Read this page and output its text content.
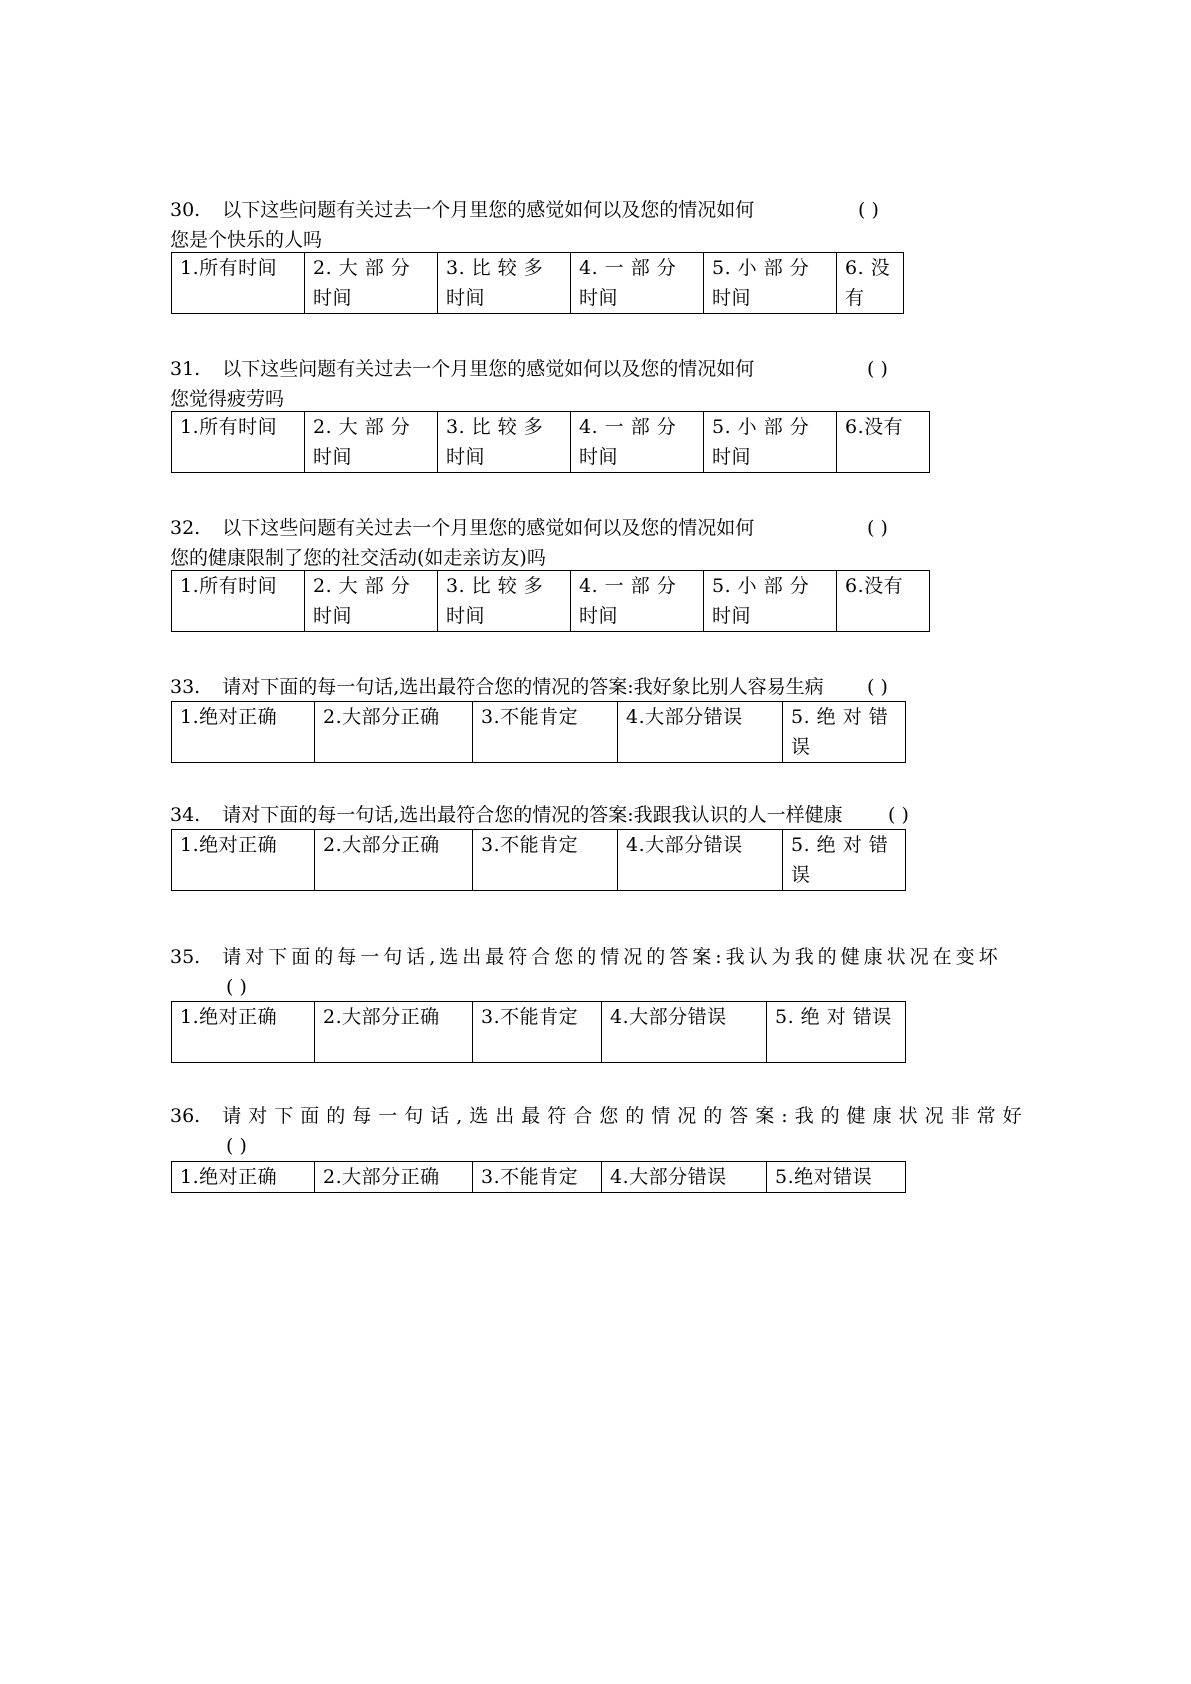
30. 以下这些问题有关过去一个月里您的感觉如何以及您的情况如何	( )
您是个快乐的人吗
1.所有时间	2. 大 部 分 时间	3. 比 较 多 时间	4. 一 部 分 时间	5. 小 部 分 时间	6. 没有
31. 以下这些问题有关过去一个月里您的感觉如何以及您的情况如何	( )
您觉得疲劳吗
1.所有时间	2. 大 部 分 时间	3. 比 较 多 时间	4. 一 部 分 时间	5. 小 部 分 时间	6.没有
32. 以下这些问题有关过去一个月里您的感觉如何以及您的情况如何	( )
您的健康限制了您的社交活动(如走亲访友)吗
1.所有时间	2. 大 部 分 时间	3. 比 较 多 时间	4. 一 部 分 时间	5. 小 部 分 时间	6.没有
33. 请对下面的每一句话,选出最符合您的情况的答案:我好象比别人容易生病 ( )
1.绝对正确	2.大部分正确	3.不能肯定	4.大部分错误	5. 绝 对 错误
34. 请对下面的每一句话,选出最符合您的情况的答案:我跟我认识的人一样健康 ( )
1.绝对正确	2.大部分正确	3.不能肯定	4.大部分错误	5. 绝 对 错误
35. 请对下面的每一句话,选出最符合您的情况的答案:我认为我的健康状况在变坏
( )
1.绝对正确	2.大部分正确	3.不能肯定	4.大部分错误	5. 绝 对 错误
36. 请对下面的每一句话,选出最符合您的情况的答案:我的健康状况非常好
( )
1.绝对正确	2.大部分正确	3.不能肯定	4.大部分错误	5.绝对错误
